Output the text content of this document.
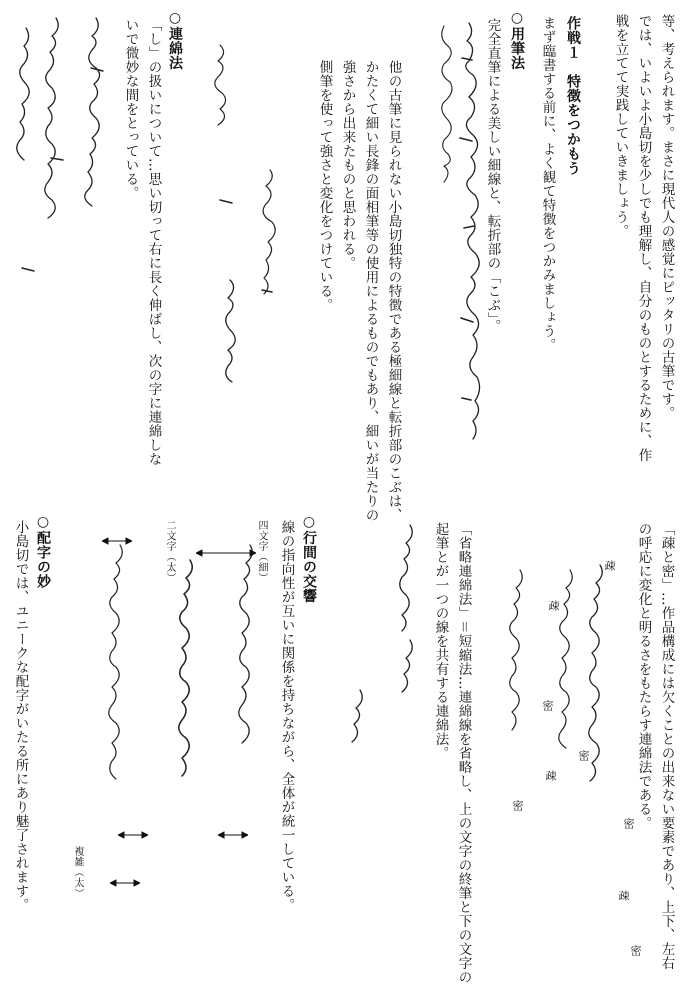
等、考えられます。まさに現代人の感覚にピッタリの古筆です。
では、いよいよ小島切を少しでも理解し、自分のものとするために、作
戦を立てて実践していきましょう。
作戦１　特徴をつかもう
まず臨書する前に、よく観て特徴をつかみましょう。
○用筆法
完全直筆による美しい細線と、転折部の「こぶ」。
他の古筆に見られない小島切独特の特徴である極細線と転折部のこぶは、
かたくて細い長鋒の面相筆等の使用によるものでもあり、細いが当たりの
強さから出来たものと思われる。
側筆を使って強さと変化をつけている。
○連綿法
「し」の扱いについて…思い切って右に長く伸ばし、次の字に連綿しな
いで微妙な間をとっている。
「疎と密」…作品構成には欠くことの出来ない要素であり、上下、左右
の呼応に変化と明るさをもたらす連綿法である。
疎
疎
密
密
疎
密
密
疎
密
「省略連綿法」＝短縮法…連綿線を省略し、上の文字の終筆と下の文字の
起筆とが一つの線を共有する連綿法。
○行間の交響
線の指向性が互いに関係を持ちながら、全体が統一している。
四文字（細）
二文字（太）
複雑（太）
○配字の妙
小島切では、ユニークな配字がいたる所にあり魅了されます。
